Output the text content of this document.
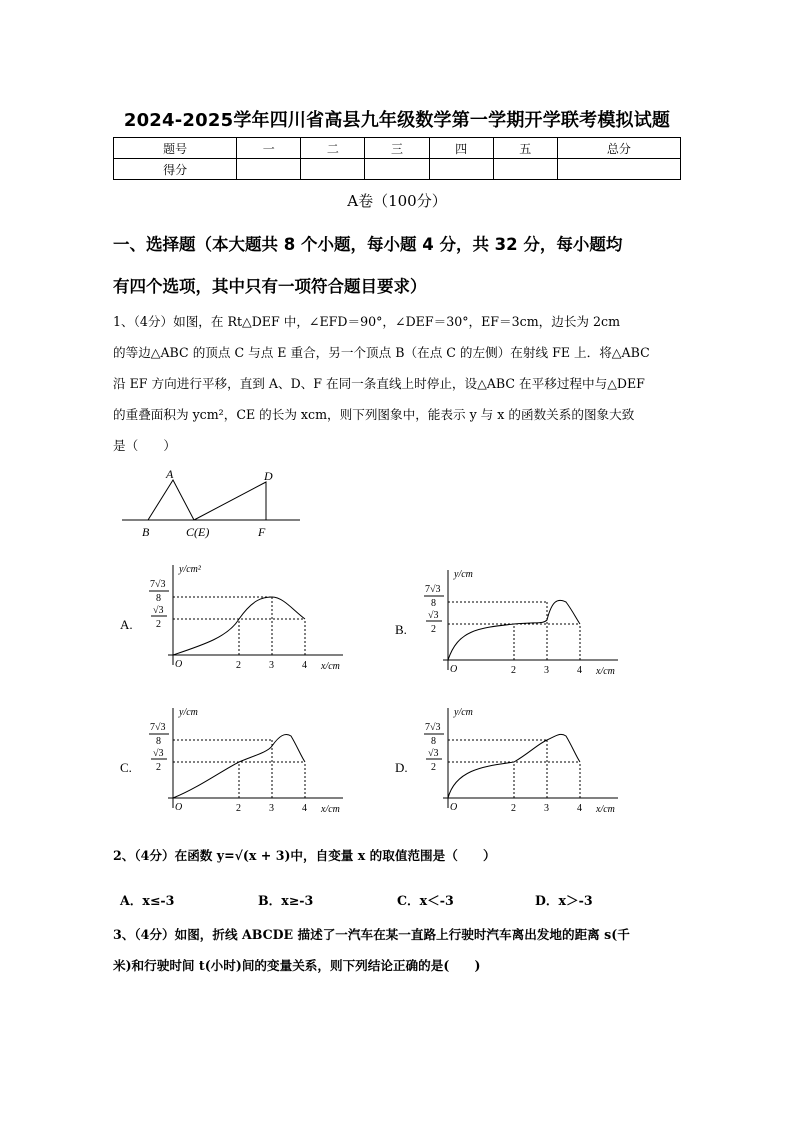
2024-2025学年四川省高县九年级数学第一学期开学联考模拟试题
题号	一	二	三	四	五	总分
得分						
A卷（100分）
一、选择题（本大题共 8 个小题，每小题 4 分，共 32 分，每小题均
有四个选项，其中只有一项符合题目要求）
1、（4分）如图，在 Rt△DEF 中，∠EFD＝90°，∠DEF＝30°，EF＝3cm，边长为 2cm
的等边△ABC 的顶点 C 与点 E 重合，另一个顶点 B（在点 C 的左侧）在射线 FE 上．将△ABC
沿 EF 方向进行平移，直到 A、D、F 在同一条直线上时停止，设△ABC 在平移过程中与△DEF
的重叠面积为 ycm²，CE 的长为 xcm，则下列图象中，能表示 y 与 x 的函数关系的图象大致
是（　　）
A	D
B	C(E)	F
A.
y/cm²
x/cm
O
7√3
8
√3
2
2	3	4
B.
y/cm
x/cm
O
7√3
8
√3
2
2	3	4
C.
y/cm
x/cm
O
7√3
8
√3
2
2	3	4
D.
y/cm
x/cm
O
7√3
8
√3
2
2	3	4
2、（4分）在函数 y=√(x + 3)中，自变量 x 的取值范围是（　　）
A．x≤-3	B．x≥-3	C．x＜-3	D．x＞-3
3、（4分）如图，折线 ABCDE 描述了一汽车在某一直路上行驶时汽车离出发地的距离 s(千
米)和行驶时间 t(小时)间的变量关系，则下列结论正确的是(　　)
